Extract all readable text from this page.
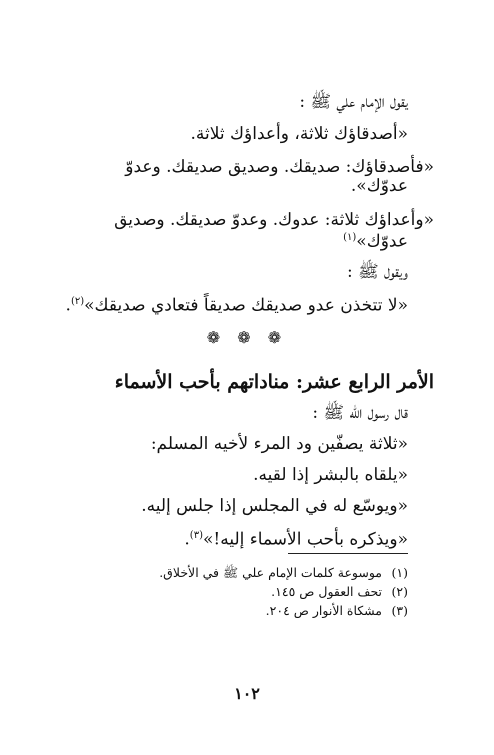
يقول الإمام علي ﷺ :
«أصدقاؤك ثلاثة، وأعداؤك ثلاثة.
«فأصدقاؤك: صديقك. وصديق صديقك. وعدوّ
عدوّك».
«وأعداؤك ثلاثة: عدوك. وعدوّ صديقك. وصديق
عدوّك»$^{(١)}$
ويقول ﷺ :
«لا تتخذن عدو صديقك صديقاً فتعادي صديقك»$^{(٢)}$.
❁ ❁ ❁
الأمر الرابع عشر: مناداتهم بأحب الأسماء
قال رسول الله ﷺ :
«ثلاثة يصفّين ود المرء لأخيه المسلم:
«يلقاه بالبشر إذا لقيه.
«ويوسّع له في المجلس إذا جلس إليه.
«ويذكره بأحب الأسماء إليه!»$^{(٣)}$.
(١)موسوعة كلمات الإمام علي ﷺ في الأخلاق.
(٢)تحف العقول ص ١٤٥.
(٣)مشكاة الأنوار ص ٢٠٤.
١٠٢
